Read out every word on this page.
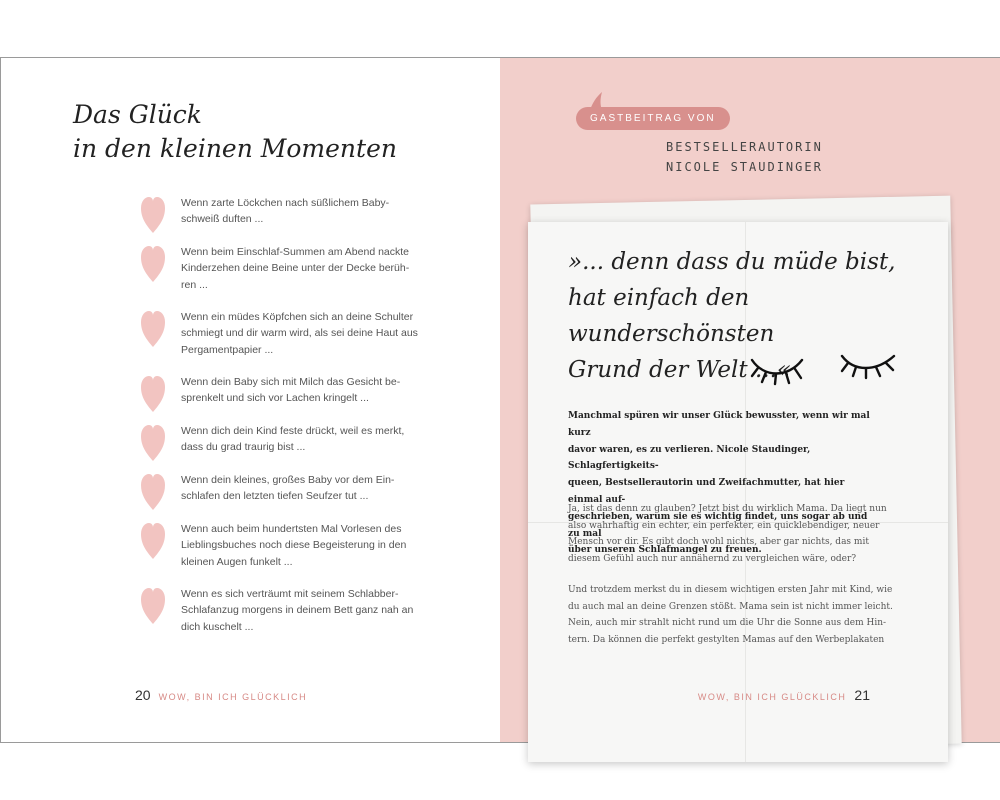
Das Glück
in den kleinen Momenten

Wenn zarte Löckchen nach süßlichem Baby-
schweiß duften ...

Wenn beim Einschlaf-Summen am Abend nackte
Kinderzehen deine Beine unter der Decke berüh-
ren ...

Wenn ein müdes Köpfchen sich an deine Schulter
schmiegt und dir warm wird, als sei deine Haut aus
Pergamentpapier ...

Wenn dein Baby sich mit Milch das Gesicht be-
sprenkelt und sich vor Lachen kringelt ...

Wenn dich dein Kind feste drückt, weil es merkt,
dass du grad traurig bist ...

Wenn dein kleines, großes Baby vor dem Ein-
schlafen den letzten tiefen Seufzer tut ...

Wenn auch beim hundertsten Mal Vorlesen des
Lieblingsbuches noch diese Begeisterung in den
kleinen Augen funkelt ...

Wenn es sich verträumt mit seinem Schlabber-
Schlafanzug morgens in deinem Bett ganz nah an
dich kuschelt ...

20 WOW, BIN ICH GLÜCKLICH
GASTBEITRAG VON

BESTSELLERAUTORIN
NICOLE STAUDINGER

»... denn dass du müde bist,
hat einfach den wunderschönsten
Grund der Welt ...«

Manchmal spüren wir unser Glück bewusster, wenn wir mal kurz
davor waren, es zu verlieren. Nicole Staudinger, Schlagfertigkeits-
queen, Bestsellerautorin und Zweifachmutter, hat hier einmal auf-
geschrieben, warum sie es wichtig findet, uns sogar ab und zu mal
über unseren Schlafmangel zu freuen.

Ja, ist das denn zu glauben? Jetzt bist du wirklich Mama. Da liegt nun
also wahrhaftig ein echter, ein perfekter, ein quicklebendiger, neuer
Mensch vor dir. Es gibt doch wohl nichts, aber gar nichts, das mit
diesem Gefühl auch nur annähernd zu vergleichen wäre, oder?

Und trotzdem merkst du in diesem wichtigen ersten Jahr mit Kind, wie
du auch mal an deine Grenzen stößt. Mama sein ist nicht immer leicht.
Nein, auch mir strahlt nicht rund um die Uhr die Sonne aus dem Hin-
tern. Da können die perfekt gestylten Mamas auf den Werbeplakaten

WOW, BIN ICH GLÜCKLICH 21
